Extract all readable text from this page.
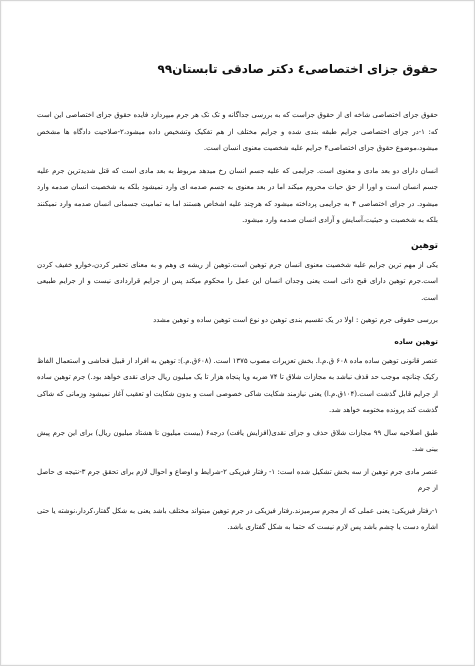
حقوق جزای اختصاصی٤ دکتر صادقی تابستان۹۹

حقوق جزای اختصاصی شاخه ای از حقوق جزاست که به بررسی جداگانه و تک تک هر جرم میپردازد فایده حقوق جزای اختصاصی این است که: ۱-در جزای اختصاصی جرایم طبقه بندی شده و جرایم مختلف از هم تفکیک وتشخیص داده میشود،۲-صلاحیت دادگاه ها مشخص میشود،موضوع حقوق جزای اختصاصی۴ جرایم علیه شخصیت معنوی انسان است.

انسان دارای دو بعد مادی و معنوی است. جرایمی که علیه جسم انسان رخ میدهد مربوط به بعد مادی است که قتل شدیدترین جرم علیه جسم انسان است و اورا از حق حیات محروم میکند اما در بعد معنوی به جسم صدمه ای وارد نمیشود بلکه به شخصیت انسان صدمه وارد میشود. در جزای اختصاصی ۴ به جرایمی پرداخته میشود که هرچند علیه اشخاص هستند اما به تمامیت جسمانی انسان صدمه وارد نمیکنند بلکه به شخصیت و حیثیت،آسایش و آزادی انسان صدمه وارد میشود.

توهین

یکی از مهم ترین جرایم علیه شخصیت معنوی انسان جرم توهین است.توهین از ریشه ی وهم و به معنای تحقیر کردن،خوارو خفیف کردن است.جرم توهین دارای قبح ذاتی است یعنی وجدان انسان این عمل را محکوم میکند پس از جرایم قراردادی نیست و از جرایم طبیعی است.

بررسی حقوقی جرم توهین : اولا در یک تقسیم بندی توهین دو نوع است توهین ساده و توهین مشدد

توهین ساده

عنصر قانونی توهین ساده ماده ۶۰۸ ق.م.ا. بخش تعزیرات مصوب ۱۳۷۵ است. (۶۰۸ق.م.): توهین به افراد از قبیل فحاشی و استعمال الفاظ رکیک چنانچه موجب حد قذف نباشد به مجازات شلاق تا ۷۴ ضربه ویا پنجاه هزار تا یک میلیون ریال جزای نقدی خواهد بود.) جرم توهین ساده از جرایم قابل گذشت است.(۱۰۴ق.م.ا) یعنی نیازمند شکایت شاکی خصوصی است و بدون شکایت او تعقیب آغاز نمیشود وزمانی که شاکی گذشت کند پرونده مختومه خواهد شد.

طبق اصلاحیه سال ۹۹ مجازات شلاق حذف و جزای نقدی(افزایش یافت) درجه۶ (بیست میلیون تا هشتاد میلیون ریال) برای این جرم پیش بینی شد.

عنصر مادی جرم توهین از سه بخش تشکیل شده است: ۱- رفتار فیزیکی ۲-شرایط و اوضاع و احوال لازم برای تحقق جرم ۳-نتیجه ی حاصل از جرم

۱-رفتار فیزیکی: یعنی عملی که از مجرم سرمیزند.رفتار فیزیکی در جرم توهین میتواند مختلف باشد یعنی به شکل گفتار،کردار،نوشته یا حتی اشاره دست یا چشم باشد پس لازم نیست که حتما به شکل گفتاری باشد.
